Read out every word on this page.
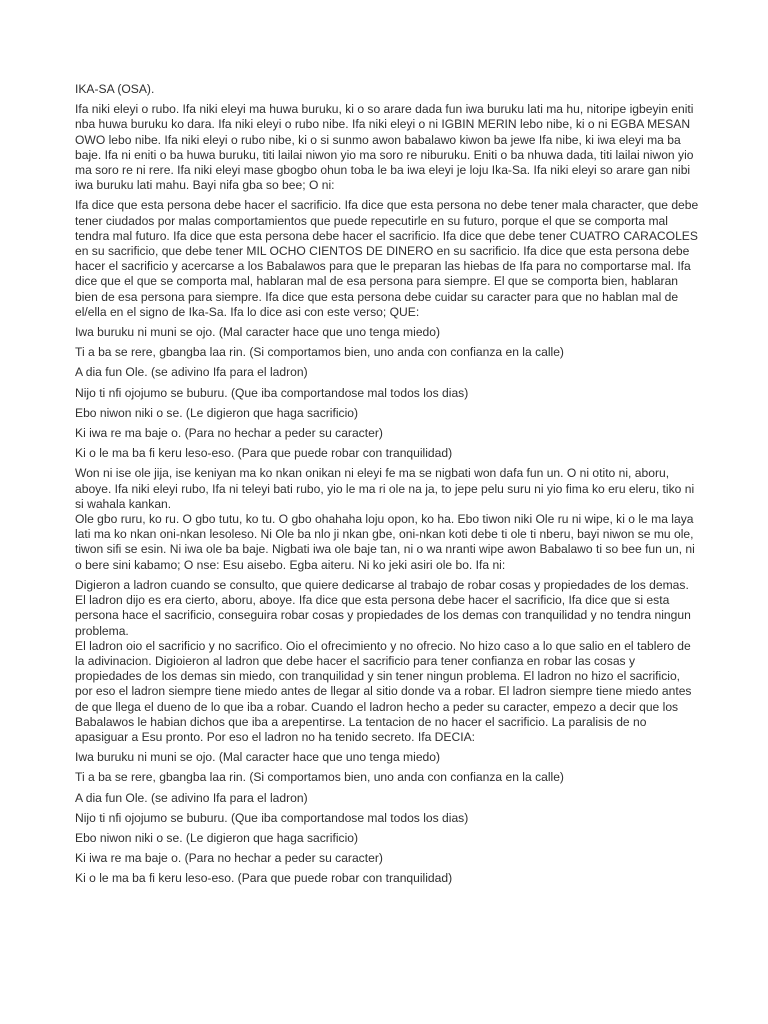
IKA-SA (OSA).
Ifa niki eleyi o rubo. Ifa niki eleyi ma huwa buruku, ki o so arare dada fun iwa buruku lati ma hu, nitoripe igbeyin eniti nba huwa buruku ko dara. Ifa niki eleyi o rubo nibe. Ifa niki eleyi o ni IGBIN MERIN lebo nibe, ki o ni EGBA MESAN OWO lebo nibe. Ifa niki eleyi o rubo nibe, ki o si sunmo awon babalawo kiwon ba jewe Ifa nibe, ki iwa eleyi ma ba baje. Ifa ni eniti o ba huwa buruku, titi lailai niwon yio ma soro re niburuku. Eniti o ba nhuwa dada, titi lailai niwon yio ma soro re ni rere. Ifa niki eleyi mase gbogbo ohun toba le ba iwa eleyi je loju Ika-Sa. Ifa niki eleyi so arare gan nibi iwa buruku lati mahu. Bayi nifa gba so bee; O ni:
Ifa dice que esta persona debe hacer el sacrificio. Ifa dice que esta persona no debe tener mala character, que debe tener ciudados por malas comportamientos que puede repecutirle en su futuro, porque el que se comporta mal tendra mal futuro. Ifa dice que esta persona debe hacer el sacrificio. Ifa dice que debe tener CUATRO CARACOLES en su sacrificio, que debe tener MIL OCHO CIENTOS DE DINERO en su sacrificio. Ifa dice que esta persona debe hacer el sacrificio y acercarse a los Babalawos para que le preparan las hiebas de Ifa para no comportarse mal. Ifa dice que el que se comporta mal, hablaran mal de esa persona para siempre. El que se comporta bien, hablaran bien de esa persona para siempre. Ifa dice que esta persona debe cuidar su caracter para que no hablan mal de el/ella en el signo de Ika-Sa. Ifa lo dice asi con este verso; QUE:
Iwa buruku ni muni se ojo. (Mal caracter hace que uno tenga miedo)
Ti a ba se rere, gbangba laa rin. (Si comportamos bien, uno anda con confianza en la calle)
A dia fun Ole. (se adivino Ifa para el ladron)
Nijo ti nfi ojojumo se buburu. (Que iba comportandose mal todos los dias)
Ebo niwon niki o se. (Le digieron que haga sacrificio)
Ki iwa re ma baje o. (Para no hechar a peder su caracter)
Ki o le ma ba fi keru leso-eso. (Para que puede robar con tranquilidad)
Won ni ise ole jija, ise keniyan ma ko nkan onikan ni eleyi fe ma se nigbati won dafa fun un. O ni otito ni, aboru, aboye. Ifa niki eleyi rubo, Ifa ni teleyi bati rubo, yio le ma ri ole na ja, to jepe pelu suru ni yio fima ko eru eleru, tiko ni si wahala kankan.
Ole gbo ruru, ko ru. O gbo tutu, ko tu. O gbo ohahaha loju opon, ko ha. Ebo tiwon niki Ole ru ni wipe, ki o le ma laya lati ma ko nkan oni-nkan lesoleso. Ni Ole ba nlo ji nkan gbe, oni-nkan koti debe ti ole ti nberu, bayi niwon se mu ole, tiwon sifi se esin. Ni iwa ole ba baje. Nigbati iwa ole baje tan, ni o wa nranti wipe awon Babalawo ti so bee fun un, ni o bere sini kabamo; O nse: Esu aisebo. Egba aiteru. Ni ko jeki asiri ole bo. Ifa ni:
Digieron a ladron cuando se consulto, que quiere dedicarse al trabajo de robar cosas y propiedades de los demas. El ladron dijo es era cierto, aboru, aboye. Ifa dice que esta persona debe hacer el sacrificio, Ifa dice que si esta persona hace el sacrificio, conseguira robar cosas y propiedades de los demas con tranquilidad y no tendra ningun problema.
El ladron oio el sacrificio y no sacrifico. Oio el ofrecimiento y no ofrecio. No hizo caso a lo que salio en el tablero de la adivinacion. Digioieron al ladron que debe hacer el sacrificio para tener confianza en robar las cosas y propiedades de los demas sin miedo, con tranquilidad y sin tener ningun problema. El ladron no hizo el sacrificio, por eso el ladron siempre tiene miedo antes de llegar al sitio donde va a robar. El ladron siempre tiene miedo antes de que llega el dueno de lo que iba a robar. Cuando el ladron hecho a peder su caracter, empezo a decir que los Babalawos le habian dichos que iba a arepentirse. La tentacion de no hacer el sacrificio. La paralisis de no apasiguar a Esu pronto. Por eso el ladron no ha tenido secreto. Ifa DECIA:
Iwa buruku ni muni se ojo. (Mal caracter hace que uno tenga miedo)
Ti a ba se rere, gbangba laa rin. (Si comportamos bien, uno anda con confianza en la calle)
A dia fun Ole. (se adivino Ifa para el ladron)
Nijo ti nfi ojojumo se buburu. (Que iba comportandose mal todos los dias)
Ebo niwon niki o se. (Le digieron que haga sacrificio)
Ki iwa re ma baje o. (Para no hechar a peder su caracter)
Ki o le ma ba fi keru leso-eso. (Para que puede robar con tranquilidad)
